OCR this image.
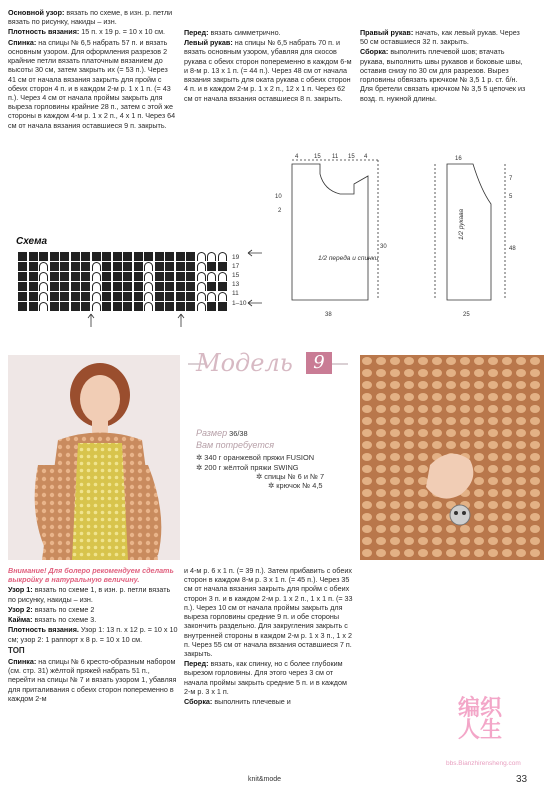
Основной узор: вязать по схеме, в изн. р. петли вязать по рисунку, накиды – изн.

Плотность вязания: 15 п. х 19 р. = 10 х 10 см.

Спинка: на спицы № 6,5 набрать 57 п. и вязать основным узором. Для оформления разрезов 2 крайние петли вязать платочным вязанием до высоты 30 см, затем закрыть их (= 53 п.). Через 41 см от начала вязания закрыть для пройм с обеих сторон 4 п. и в каждом 2-м р. 1 х 1 п. (= 43 п.). Через 4 см от начала проймы закрыть для выреза горловины крайние 28 п., затем с этой же стороны в каждом 4-м р. 1 х 2 п., 4 х 1 п. Через 64 см от начала вязания оставшиеся 9 п. закрыть.

Перед: вязать симметрично.

Левый рукав: на спицы № 6,5 набрать 70 п. и вязать основным узором, убавляя для скосов рукава с обеих сторон попеременно в каждом 6-м и 8-м р. 13 х 1 п. (= 44 п.). Через 48 см от начала вязания закрыть для оката рукава с обеих сторон 4 п. и в каждом 2-м р. 1 х 2 п., 12 х 1 п. Через 62 см от начала вязания оставшиеся 8 п. закрыть.

Правый рукав: начать, как левый рукав. Через 50 см оставшиеся 32 п. закрыть.

Сборка: выполнить плечевой шов; втачать рукава, выполнить швы рукавов и боковые швы, оставив снизу по 30 см для разрезов. Вырез горловины обвязать крючком № 3,5 1 р. ст. б/н. Для бретели связать крючком № 3,5 5 цепочек из возд. п. нужной длины.

4	15 11 15 4
10
2
30
38
1/2 переда и спинки
16
7
5
48
25
1/2 рукава
Схема
19
17
15
13
11
1–10
Модель	9
Размер 36/38
Вам потребуется
✲ 340 г оранжевой пряжи FUSION
✲ 200 г жёлтой пряжи SWING
✲ спицы № 6 и № 7
✲ крючок № 4,5

Внимание! Для болеро рекомендуем сделать выкройку в натуральную величину.

Узор 1: вязать по схеме 1, в изн. р. петли вязать по рисунку, накиды – изн.

Узор 2: вязать по схеме 2

Кайма: вязать по схеме 3.

Плотность вязания. Узор 1: 13 п. х 12 р. = 10 х 10 см; узор 2: 1 раппорт x 8 р. = 10 х 10 см.

ТОП

Спинка: на спицы № 6 кресто-образным набором (см. стр. 31) жёлтой пряжей набрать 51 п., перейти на спицы № 7 и вязать узором 1, убавляя для приталивания с обеих сторон попеременно в каждом 2-м

и 4-м р. 6 х 1 п. (= 39 п.). Затем прибавить с обеих сторон в каждом 8-м р. 3 х 1 п. (= 45 п.). Через 35 см от начала вязания закрыть для пройм с обеих сторон 3 п. и в каждом 2-м р. 1 х 2 п., 1 х 1 п. (= 33 п.). Через 10 см от начала проймы закрыть для выреза горловины средние 9 п. и обе стороны закончить раздельно. Для закругления закрыть с внутренней стороны в каждом 2-м р. 1 х 3 п., 1 х 2 п. Через 55 см от начала вязания оставшиеся 7 п. закрыть.

Перед: вязать, как спинку, но с более глубоким вырезом горловины. Для этого через 3 см от начала проймы закрыть средние 5 п. и в каждом 2-м р. 3 х 1 п.

Сборка: выполнить плечевые и

knit&mode	33
编织人生
bbs.Bianzhirensheng.com
